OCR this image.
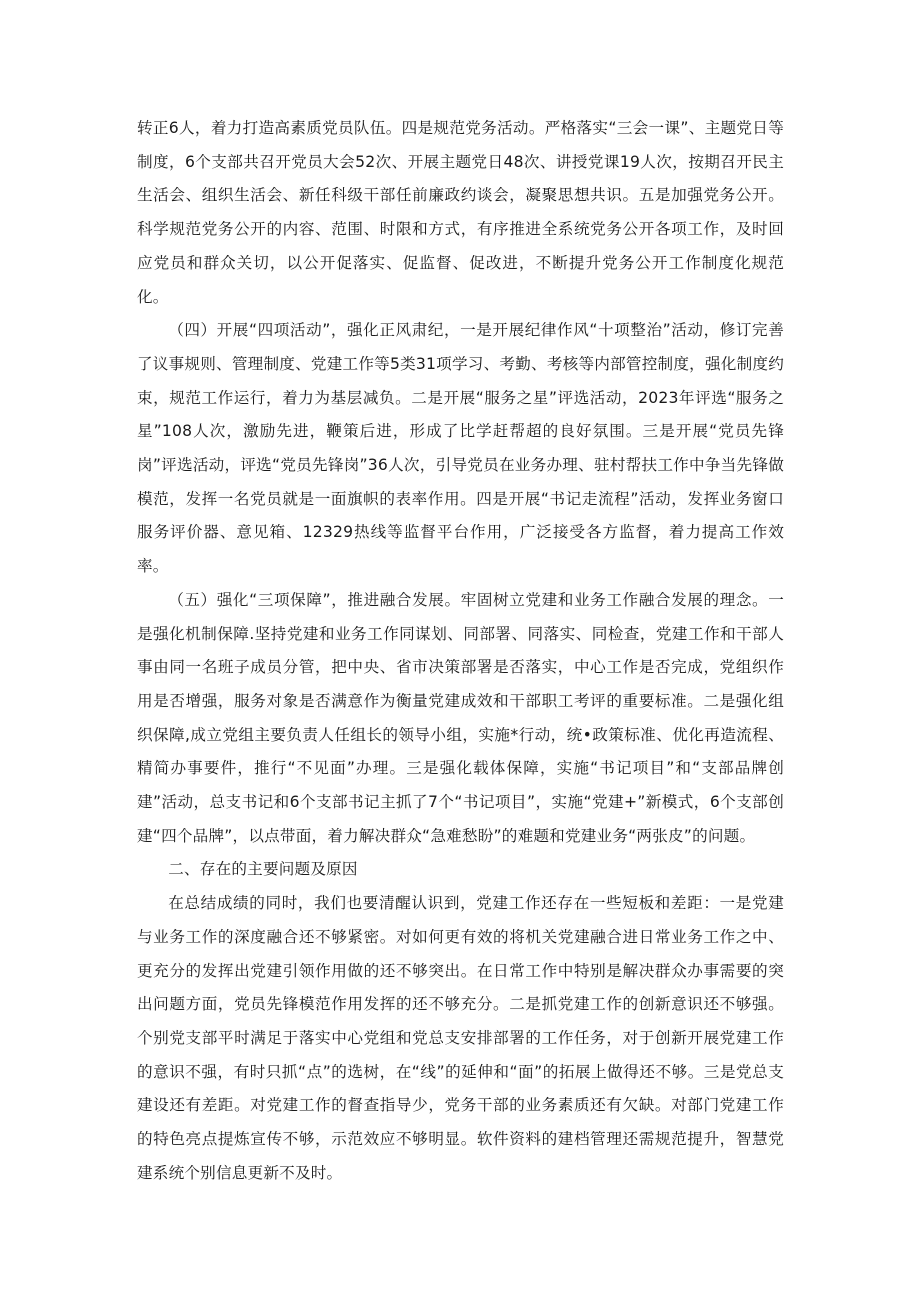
转正6人，着力打造高素质党员队伍。四是规范党务活动。严格落实“三会一课”、主题党日等制度，6个支部共召开党员大会52次、开展主题党日48次、讲授党课19人次，按期召开民主生活会、组织生活会、新任科级干部任前廉政约谈会，凝聚思想共识。五是加强党务公开。科学规范党务公开的内容、范围、时限和方式，有序推进全系统党务公开各项工作，及时回应党员和群众关切，以公开促落实、促监督、促改进，不断提升党务公开工作制度化规范化。

（四）开展“四项活动”，强化正风肃纪，一是开展纪律作风“十项整治”活动，修订完善了议事规则、管理制度、党建工作等5类31项学习、考勤、考核等内部管控制度，强化制度约束，规范工作运行，着力为基层减负。二是开展“服务之星”评选活动，2023年评选“服务之星”108人次，激励先进，鞭策后进，形成了比学赶帮超的良好氛围。三是开展“党员先锋岗”评选活动，评选“党员先锋岗”36人次，引导党员在业务办理、驻村帮扶工作中争当先锋做模范，发挥一名党员就是一面旗帜的表率作用。四是开展“书记走流程”活动，发挥业务窗口服务评价器、意见箱、12329热线等监督平台作用，广泛接受各方监督，着力提高工作效率。

（五）强化“三项保障”，推进融合发展。牢固树立党建和业务工作融合发展的理念。一是强化机制保障.坚持党建和业务工作同谋划、同部署、同落实、同检查，党建工作和干部人事由同一名班子成员分管，把中央、省市决策部署是否落实，中心工作是否完成，党组织作用是否增强，服务对象是否满意作为衡量党建成效和干部职工考评的重要标准。二是强化组织保障,成立党组主要负责人任组长的领导小组，实施*行动，统•政策标准、优化再造流程、精简办事要件，推行“不见面”办理。三是强化载体保障，实施“书记项目”和“支部品牌创建”活动，总支书记和6个支部书记主抓了7个“书记项目”，实施“党建+”新模式，6个支部创建“四个品牌”，以点带面，着力解决群众“急难愁盼”的难题和党建业务“两张皮”的问题。

二、存在的主要问题及原因

在总结成绩的同时，我们也要清醒认识到，党建工作还存在一些短板和差距：一是党建与业务工作的深度融合还不够紧密。对如何更有效的将机关党建融合进日常业务工作之中、更充分的发挥出党建引领作用做的还不够突出。在日常工作中特别是解决群众办事需要的突出问题方面，党员先锋模范作用发挥的还不够充分。二是抓党建工作的创新意识还不够强。个别党支部平时满足于落实中心党组和党总支安排部署的工作任务，对于创新开展党建工作的意识不强，有时只抓“点”的选树，在“线”的延伸和“面”的拓展上做得还不够。三是党总支建设还有差距。对党建工作的督查指导少，党务干部的业务素质还有欠缺。对部门党建工作的特色亮点提炼宣传不够，示范效应不够明显。软件资料的建档管理还需规范提升，智慧党建系统个别信息更新不及时。
